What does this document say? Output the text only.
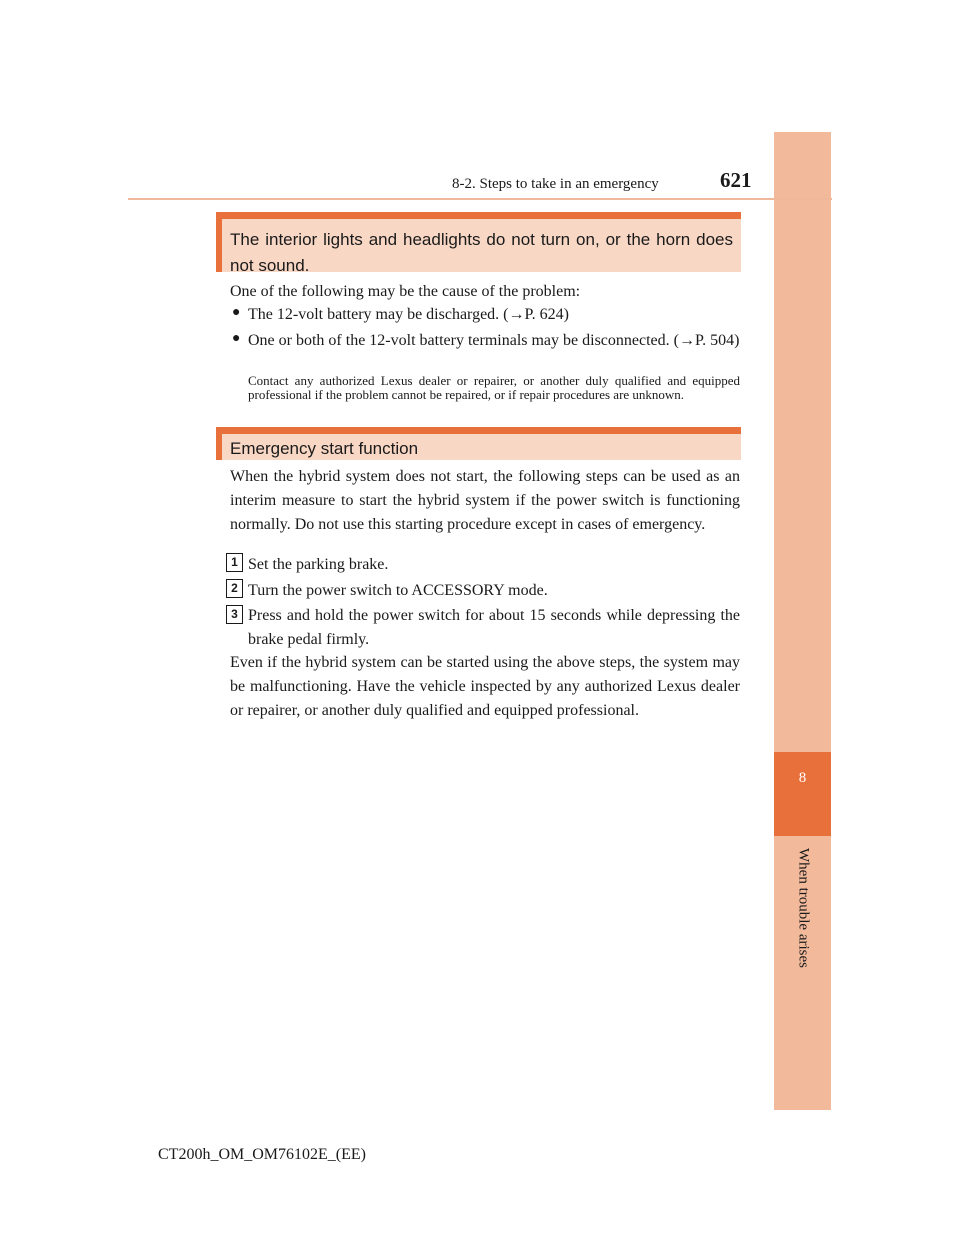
8
When trouble arises
8-2. Steps to take in an emergency	621
The interior lights and headlights do not turn on, or the horn does not sound.
One of the following may be the cause of the problem:
● The 12-volt battery may be discharged. (→P. 624)
● One or both of the 12-volt battery terminals may be disconnected. (→P. 504)
Contact any authorized Lexus dealer or repairer, or another duly qualified and equipped professional if the problem cannot be repaired, or if repair procedures are unknown.
Emergency start function
When the hybrid system does not start, the following steps can be used as an interim measure to start the hybrid system if the power switch is functioning normally. Do not use this starting procedure except in cases of emergency.
1 Set the parking brake.
2 Turn the power switch to ACCESSORY mode.
3 Press and hold the power switch for about 15 seconds while depressing the brake pedal firmly.
Even if the hybrid system can be started using the above steps, the system may be malfunctioning. Have the vehicle inspected by any authorized Lexus dealer or repairer, or another duly qualified and equipped professional.
CT200h_OM_OM76102E_(EE)
